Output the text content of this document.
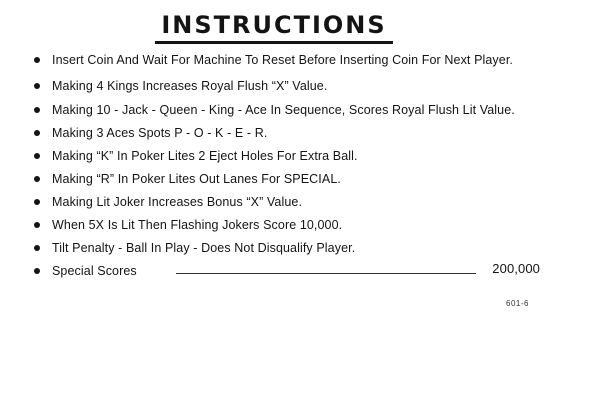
INSTRUCTIONS
Insert Coin And Wait For Machine To Reset Before Inserting Coin For Next Player.
Making 4 Kings Increases Royal Flush “X” Value.
Making 10 - Jack - Queen - King - Ace In Sequence, Scores Royal Flush Lit Value.
Making 3 Aces Spots P - O - K - E - R.
Making “K” In Poker Lites 2 Eject Holes For Extra Ball.
Making “R” In Poker Lites Out Lanes For SPECIAL.
Making Lit Joker Increases Bonus “X” Value.
When 5X Is Lit Then Flashing Jokers Score 10,000.
Tilt Penalty - Ball In Play - Does Not Disqualify Player.
Special Scores	200,000
601-6
